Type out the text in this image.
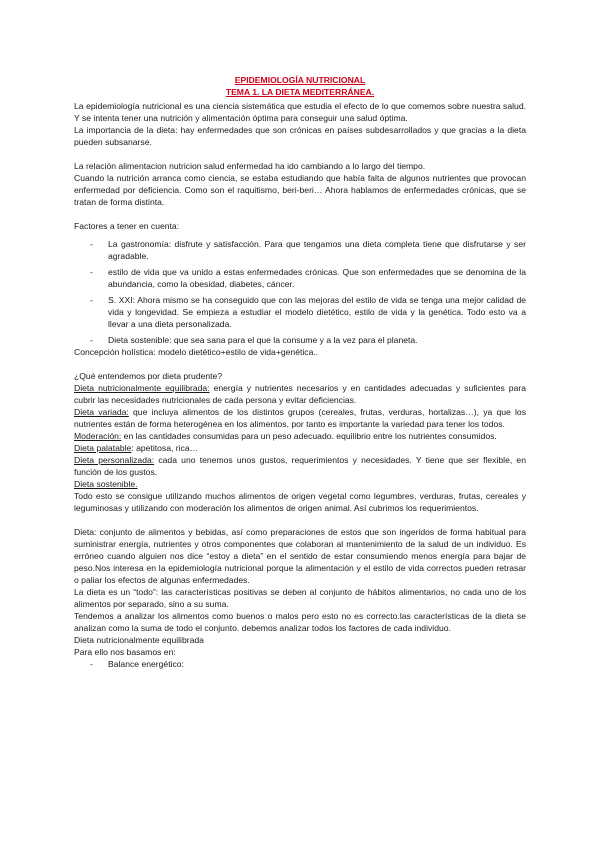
EPIDEMIOLOGÍA NUTRICIONAL
TEMA 1. LA DIETA MEDITERRÁNEA.

La epidemiología nutricional es una ciencia sistemática que estudia el efecto de lo que comemos sobre nuestra salud. Y se intenta tener una nutrición y alimentación óptima para conseguir una salud óptima.

La importancia de la dieta: hay enfermedades que son crónicas en países subdesarrollados y que gracias a la dieta pueden subsanarse.

La relación alimentacion nutricion salud enfermedad ha ido cambiando a lo largo del tiempo.

Cuando la nutrición arranca como ciencia, se estaba estudiando que había falta de algunos nutrientes que provocan enfermedad por deficiencia. Como son el raquitismo, beri-beri… Ahora hablamos de enfermedades crónicas, que se tratan de forma distinta.

Factores a tener en cuenta:

- La gastronomía: disfrute y satisfacción. Para que tengamos una dieta completa tiene que disfrutarse y ser agradable.
- estilo de vida que va unido a estas enfermedades crónicas. Que son enfermedades que se denomina de la abundancia, como la obesidad, diabetes, cáncer.
- S. XXI: Ahora mismo se ha conseguido que con las mejoras del estilo de vida se tenga una mejor calidad de vida y longevidad. Se empieza a estudiar el modelo dietético, estilo de vida y la genética. Todo esto va a llevar a una dieta personalizada.
- Dieta sostenible: que sea sana para el que la consume y a la vez para el planeta.

Concepción holística: modelo dietético+estilo de vida+genética..

¿Qué entendemos por dieta prudente?

Dieta nutricionalmente equilibrada: energía y nutrientes necesarios y en cantidades adecuadas y suficientes para cubrir las necesidades nutricionales de cada persona y evitar deficiencias.

Dieta variada: que incluya alimentos de los distintos grupos (cereales, frutas, verduras, hortalizas…), ya que los nutrientes están de forma heterogénea en los alimentos, por tanto es importante la variedad para tener los todos.

Moderación: en las cantidades consumidas para un peso adecuado. equilibrio entre los nutrientes consumidos.

Dieta palatable: apetitosa, rica…

Dieta personalizada: cada uno tenemos unos gustos, requerimientos y necesidades. Y tiene que ser flexible, en función de los gustos.

Dieta sostenible.

Todo esto se consigue utilizando muchos alimentos de origen vegetal como legumbres, verduras, frutas, cereales y leguminosas y utilizando con moderación los alimentos de origen animal. Así cubrimos los requerimientos.

Dieta: conjunto de alimentos y bebidas, así como preparaciones de estos que son ingeridos de forma habitual para suministrar energía, nutrientes y otros componentes que colaboran al mantenimiento de la salud de un individuo. Es erróneo cuando alguien nos dice “estoy a dieta” en el sentido de estar consumiendo menos energía para bajar de peso.Nos interesa en la epidemiología nutricional porque la alimentación y el estilo de vida correctos pueden retrasar o paliar los efectos de algunas enfermedades.

La dieta es un “todo”: las características positivas se deben al conjunto de hábitos alimentarios, no cada uno de los alimentos por separado, sino a su suma.

Tendemos a analizar los alimentos como buenos o malos pero esto no es correcto.las características de la dieta se analizan como la suma de todo el conjunto. debemos analizar todos los factores de cada individuo.

Dieta nutricionalmente equilibrada

Para ello nos basamos en:

- Balance energético:
